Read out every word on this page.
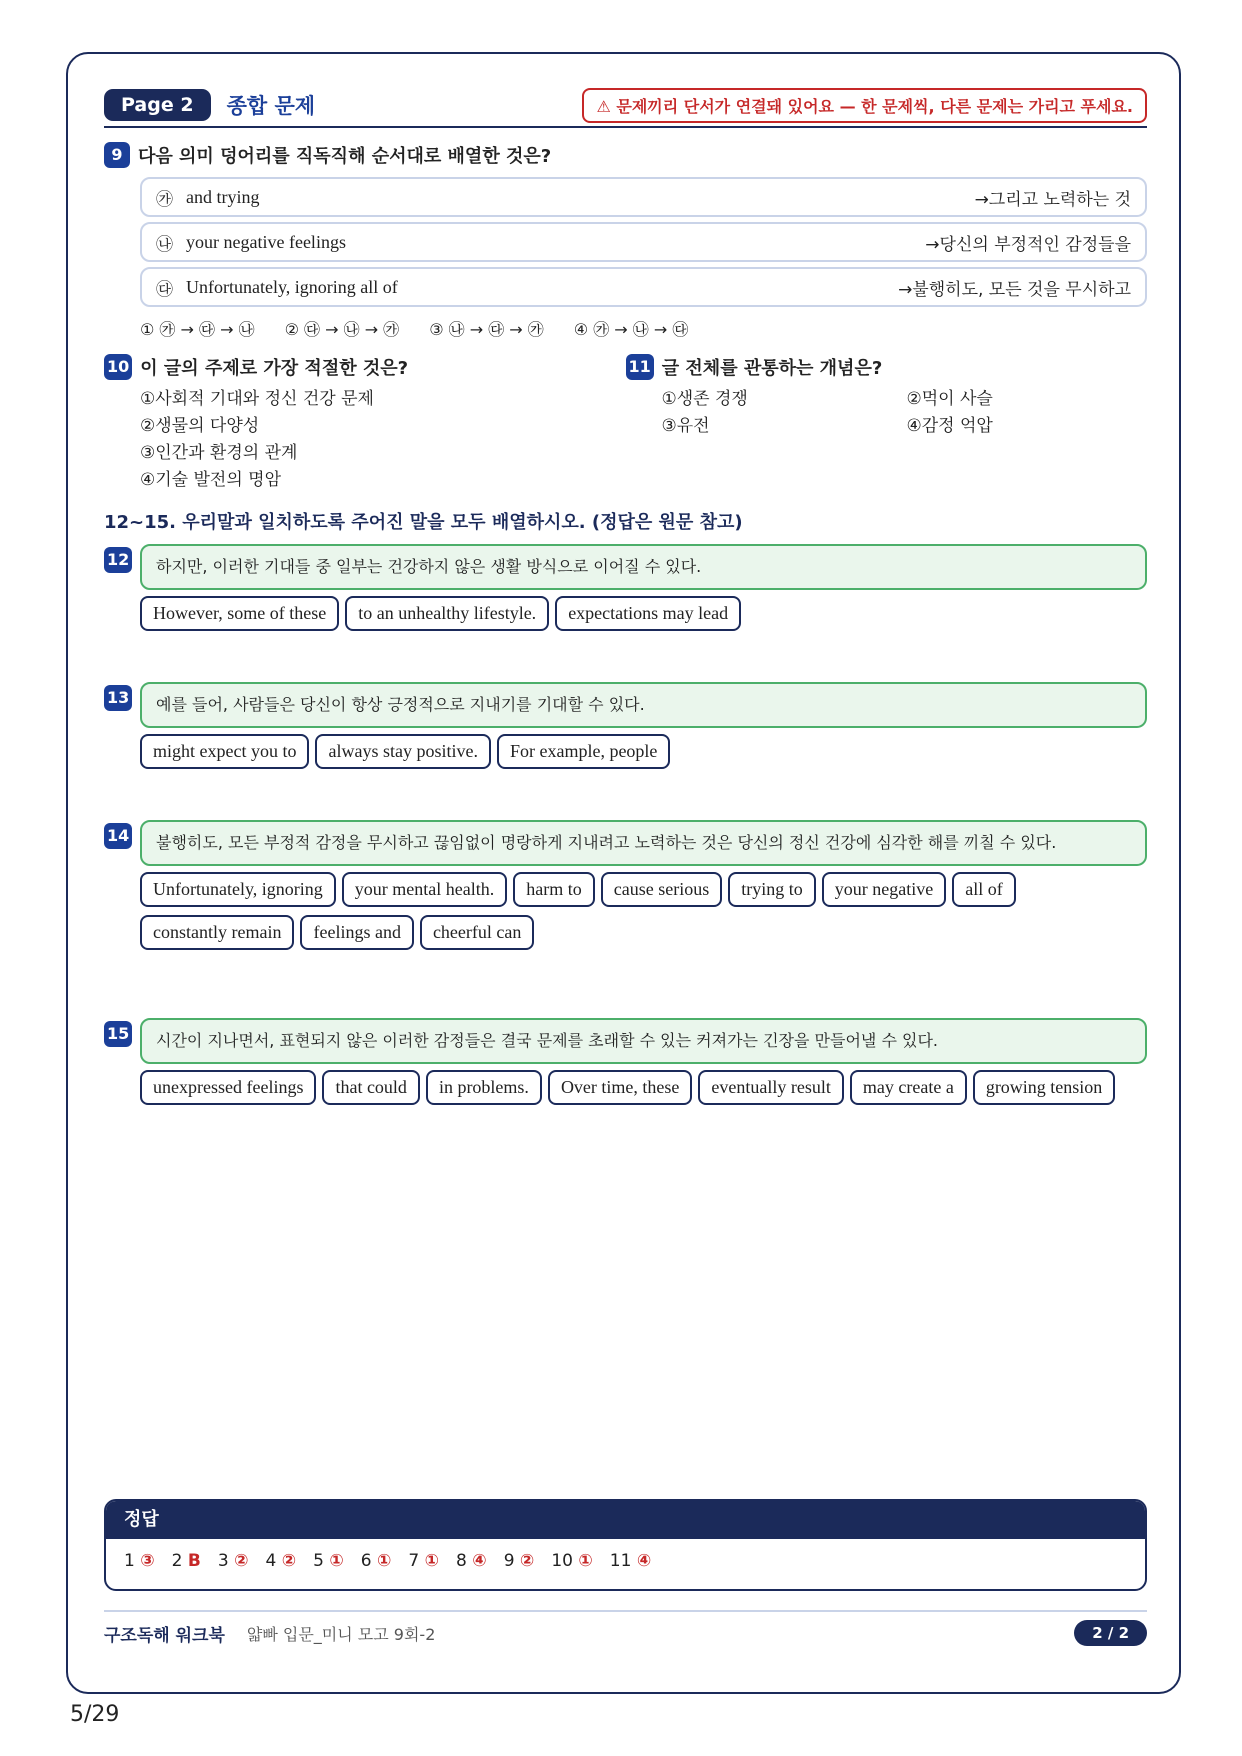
Page 2	종합 문제	⚠ 문제끼리 단서가 연결돼 있어요 — 한 문제씩, 다른 문제는 가리고 푸세요.
9 다음 의미 덩어리를 직독직해 순서대로 배열한 것은?
㉮ and trying	→그리고 노력하는 것
㉯ your negative feelings	→당신의 부정적인 감정들을
㉰ Unfortunately, ignoring all of	→불행히도, 모든 것을 무시하고
① ㉮ → ㉰ → ㉯ ② ㉰ → ㉯ → ㉮ ③ ㉯ → ㉰ → ㉮ ④ ㉮ → ㉯ → ㉰
10 이 글의 주제로 가장 적절한 것은?
①사회적 기대와 정신 건강 문제
②생물의 다양성
③인간과 환경의 관계
④기술 발전의 명암
11 글 전체를 관통하는 개념은?
①생존 경쟁	②먹이 사슬
③유전	④감정 억압
12~15. 우리말과 일치하도록 주어진 말을 모두 배열하시오. (정답은 원문 참고)
12	하지만, 이러한 기대들 중 일부는 건강하지 않은 생활 방식으로 이어질 수 있다.
However, some of these	to an unhealthy lifestyle.	expectations may lead
13	예를 들어, 사람들은 당신이 항상 긍정적으로 지내기를 기대할 수 있다.
might expect you to	always stay positive.	For example, people
14	불행히도, 모든 부정적 감정을 무시하고 끊임없이 명랑하게 지내려고 노력하는 것은 당신의 정신 건강에 심각한 해를 끼칠 수 있다.
Unfortunately, ignoring	your mental health.	harm to	cause serious	trying to	your negative	all of
constantly remain	feelings and	cheerful can
15	시간이 지나면서, 표현되지 않은 이러한 감정들은 결국 문제를 초래할 수 있는 커져가는 긴장을 만들어낼 수 있다.
unexpressed feelings	that could	in problems.	Over time, these	eventually result	may create a	growing tension
정답
1 ③ 2 B 3 ② 4 ② 5 ① 6 ① 7 ① 8 ④ 9 ② 10 ① 11 ④
구조독해 워크북 얇빠 입문_미니 모고 9회-2	2 / 2
5/29
